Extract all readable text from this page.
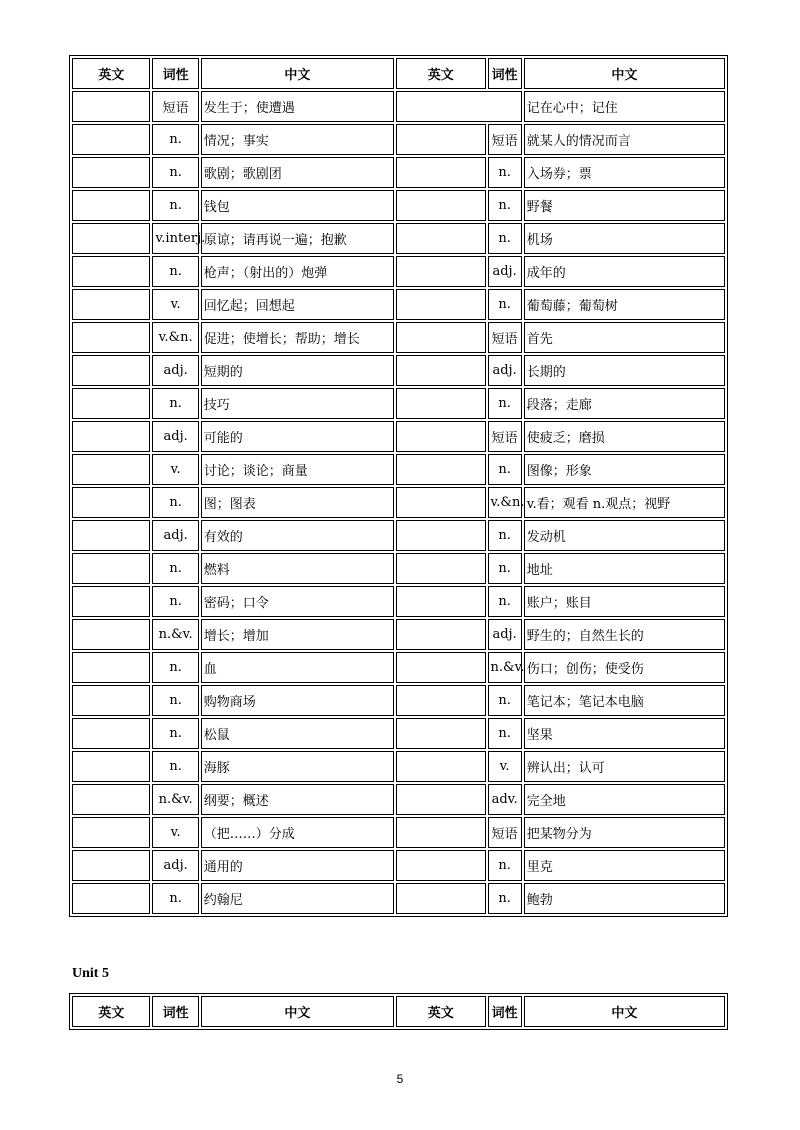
英文	词性	中文	英文	词性	中文
	短语	发生于；使遭遇			记在心中；记住
	n.	情况；事实		短语	就某人的情况而言
	n.	歌剧；歌剧团		n.	入场券；票
	n.	钱包		n.	野餐
	v.interj.	原谅；请再说一遍；抱歉		n.	机场
	n.	枪声；（射出的）炮弹		adj.	成年的
	v.	回忆起；回想起		n.	葡萄藤；葡萄树
	v.&n.	促进；使增长；帮助；增长		短语	首先
	adj.	短期的		adj.	长期的
	n.	技巧		n.	段落；走廊
	adj.	可能的		短语	使疲乏；磨损
	v.	讨论；谈论；商量		n.	图像；形象
	n.	图；图表		v.&n.	v.看；观看 n.观点；视野
	adj.	有效的		n.	发动机
	n.	燃料		n.	地址
	n.	密码；口令		n.	账户；账目
	n.&v.	增长；增加		adj.	野生的；自然生长的
	n.	血		n.&v.	伤口；创伤；使受伤
	n.	购物商场		n.	笔记本；笔记本电脑
	n.	松鼠		n.	坚果
	n.	海豚		v.	辨认出；认可
	n.&v.	纲要；概述		adv.	完全地
	v.	（把……）分成		短语	把某物分为
	adj.	通用的		n.	里克
	n.	约翰尼		n.	鲍勃
Unit 5
英文	词性	中文	英文	词性	中文
5
